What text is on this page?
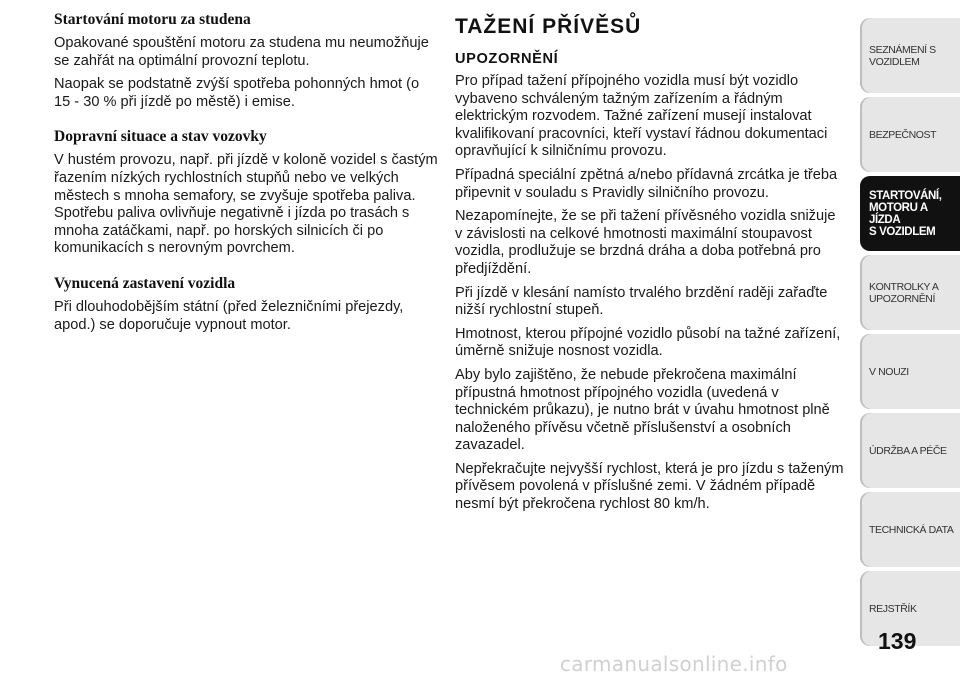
Startování motoru za studena

Opakované spouštění motoru za studena mu neumožňuje se zahřát na optimální provozní teplotu.

Naopak se podstatně zvýší spotřeba pohonných hmot (o 15 - 30 % při jízdě po městě) i emise.

Dopravní situace a stav vozovky

V hustém provozu, např. při jízdě v koloně vozidel s častým řazením nízkých rychlostních stupňů nebo ve velkých městech s mnoha semafory, se zvyšuje spotřeba paliva. Spotřebu paliva ovlivňuje negativně i jízda po trasách s mnoha zatáčkami, např. po horských silnicích či po komunikacích s nerovným povrchem.

Vynucená zastavení vozidla

Při dlouhodobějším státní (před železničními přejezdy, apod.) se doporučuje vypnout motor.

TAŽENÍ PŘÍVĚSŮ
UPOZORNĚNÍ

Pro případ tažení přípojného vozidla musí být vozidlo vybaveno schváleným tažným zařízením a řádným elektrickým rozvodem. Tažné zařízení musejí instalovat kvalifikovaní pracovníci, kteří vystaví řádnou dokumentaci opravňující k silničnímu provozu.

Případná speciální zpětná a/nebo přídavná zrcátka je třeba připevnit v souladu s Pravidly silničního provozu.

Nezapomínejte, že se při tažení přívěsného vozidla snižuje v závislosti na celkové hmotnosti maximální stoupavost vozidla, prodlužuje se brzdná dráha a doba potřebná pro předjíždění.

Při jízdě v klesání namísto trvalého brzdění raději zařaďte nižší rychlostní stupeň.

Hmotnost, kterou přípojné vozidlo působí na tažné zařízení, úměrně snižuje nosnost vozidla.

Aby bylo zajištěno, že nebude překročena maximální přípustná hmotnost přípojného vozidla (uvedená v technickém průkazu), je nutno brát v úvahu hmotnost plně naloženého přívěsu včetně příslušenství a osobních zavazadel.

Nepřekračujte nejvyšší rychlost, která je pro jízdu s taženým přívěsem povolená v příslušné zemi. V žádném případě nesmí být překročena rychlost 80 km/h.

SEZNÁMENÍ S
VOZIDLEM
BEZPEČNOST
STARTOVÁNÍ,
MOTORU A JÍZDA
S VOZIDLEM
KONTROLKY A
UPOZORNĚNÍ
V NOUZI
ÚDRŽBA A PÉČE
TECHNICKÁ DATA
REJSTŘÍK
139
carmanualsonline.info
